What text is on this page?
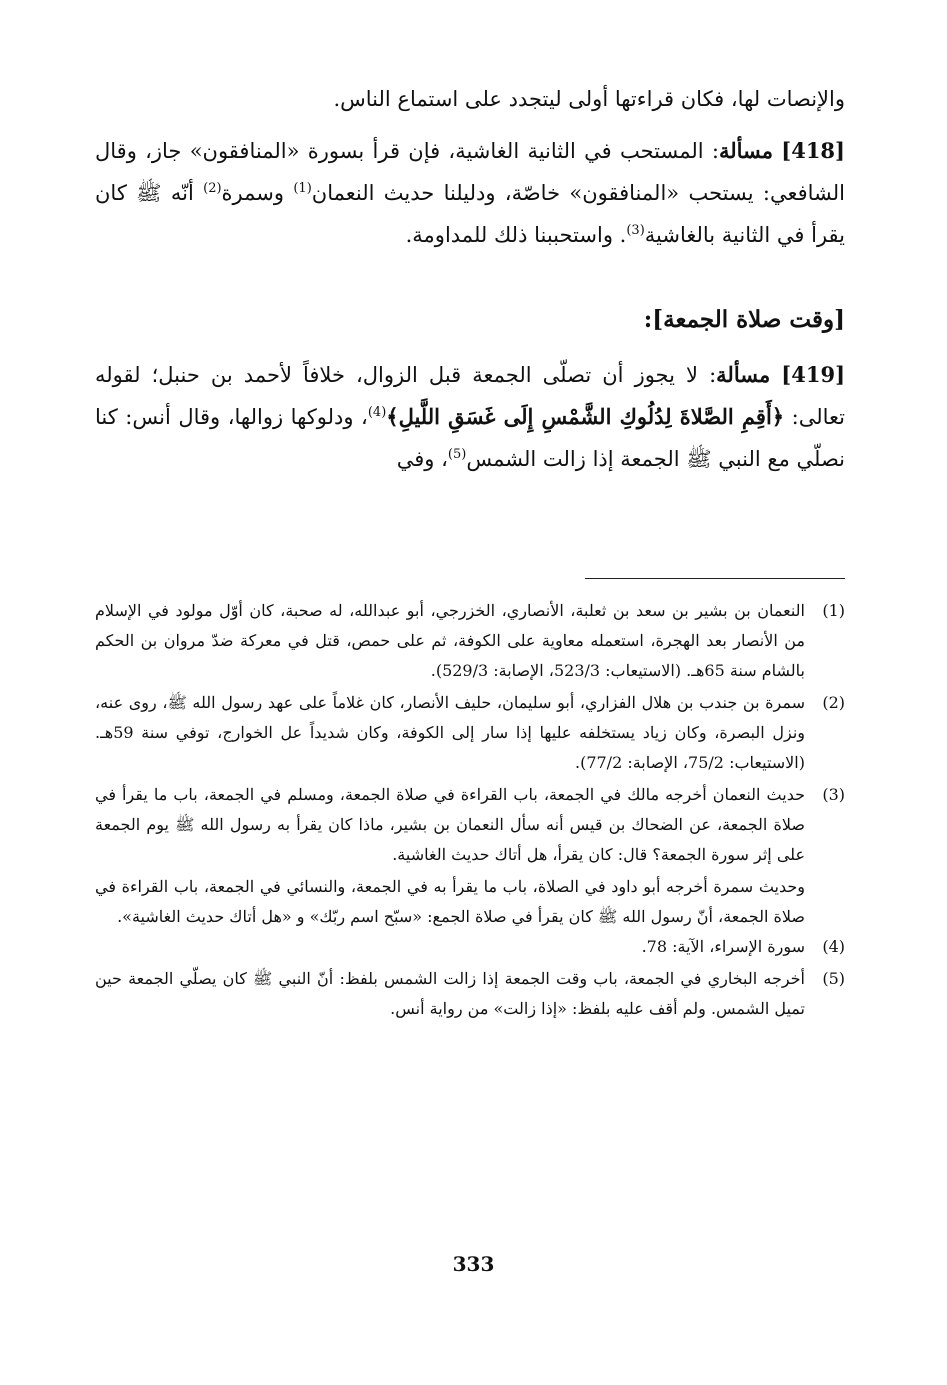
والإنصات لها، فكان قراءتها أولى ليتجدد على استماع الناس.

[418] مسألة: المستحب في الثانية الغاشية، فإن قرأ بسورة «المنافقون» جاز، وقال الشافعي: يستحب «المنافقون» خاصّة، ودليلنا حديث النعمان$^{(1)}$ وسمرة$^{(2)}$ أنّه ﷺ كان يقرأ في الثانية بالغاشية$^{(3)}$. واستحببنا ذلك للمداومة.

[وقت صلاة الجمعة]:

[419] مسألة: لا يجوز أن تصلّى الجمعة قبل الزوال، خلافاً لأحمد بن حنبل؛ لقوله تعالى: ﴿أَقِمِ الصَّلاةَ لِدُلُوكِ الشَّمْسِ إِلَى غَسَقِ اللَّيلِ﴾$^{(4)}$، ودلوكها زوالها، وقال أنس: كنا نصلّي مع النبي ﷺ الجمعة إذا زالت الشمس$^{(5)}$، وفي

(1)
النعمان بن بشير بن سعد بن ثعلبة، الأنصاري، الخزرجي، أبو عبدالله، له صحبة، كان أوّل مولود في الإسلام من الأنصار بعد الهجرة، استعمله معاوية على الكوفة، ثم على حمص، قتل في معركة ضدّ مروان بن الحكم بالشام سنة 65هـ. (الاستيعاب: 523/3، الإصابة: 529/3).
(2)
سمرة بن جندب بن هلال الفزاري، أبو سليمان، حليف الأنصار، كان غلاماً على عهد رسول الله ﷺ، روى عنه، ونزل البصرة، وكان زياد يستخلفه عليها إذا سار إلى الكوفة، وكان شديداً عل الخوارج، توفي سنة 59هـ. (الاستيعاب: 75/2، الإصابة: 77/2).
(3)
حديث النعمان أخرجه مالك في الجمعة، باب القراءة في صلاة الجمعة، ومسلم في الجمعة، باب ما يقرأ في صلاة الجمعة، عن الضحاك بن قيس أنه سأل النعمان بن بشير، ماذا كان يقرأ به رسول الله ﷺ يوم الجمعة على إثر سورة الجمعة؟ قال: كان يقرأ، هل أتاك حديث الغاشية.
وحديث سمرة أخرجه أبو داود في الصلاة، باب ما يقرأ به في الجمعة، والنسائي في الجمعة، باب القراءة في صلاة الجمعة، أنّ رسول الله ﷺ كان يقرأ في صلاة الجمع: «سبّح اسم ربّك» و «هل أتاك حديث الغاشية».
(4)
سورة الإسراء، الآية: 78.
(5)
أخرجه البخاري في الجمعة، باب وقت الجمعة إذا زالت الشمس بلفظ: أنّ النبي ﷺ كان يصلّي الجمعة حين تميل الشمس. ولم أقف عليه بلفظ: «إذا زالت» من رواية أنس.
333
